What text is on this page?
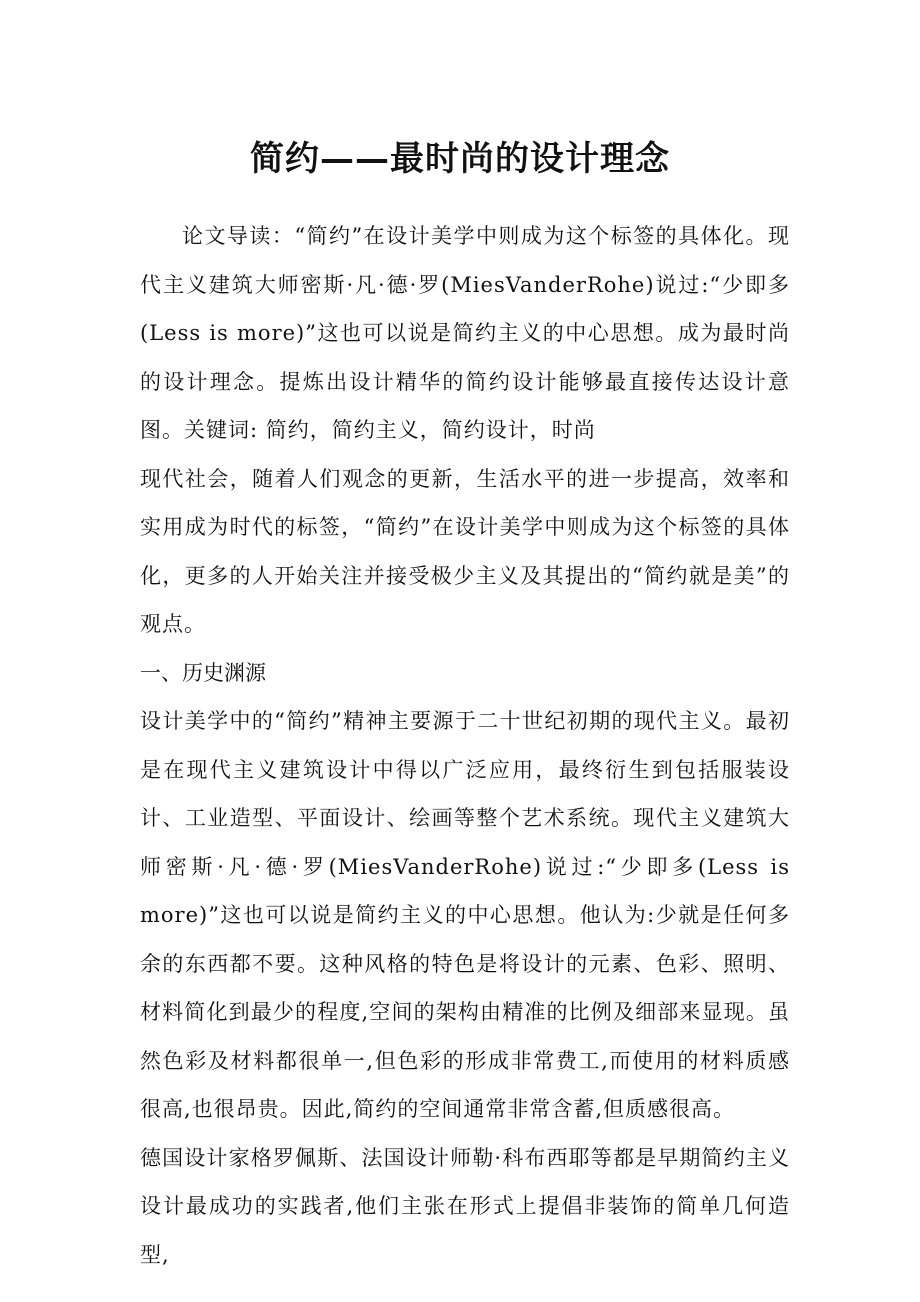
简约——最时尚的设计理念

论文导读：“简约”在设计美学中则成为这个标签的具体化。现代主义建筑大师密斯·凡·德·罗(MiesVanderRohe)说过:“少即多(Less is more)”这也可以说是简约主义的中心思想。成为最时尚的设计理念。提炼出设计精华的简约设计能够最直接传达设计意图。关键词: 简约，简约主义，简约设计，时尚

现代社会，随着人们观念的更新，生活水平的进一步提高，效率和实用成为时代的标签，“简约”在设计美学中则成为这个标签的具体化，更多的人开始关注并接受极少主义及其提出的“简约就是美”的观点。

一、历史渊源

设计美学中的“简约”精神主要源于二十世纪初期的现代主义。最初是在现代主义建筑设计中得以广泛应用，最终衍生到包括服装设计、工业造型、平面设计、绘画等整个艺术系统。现代主义建筑大师密斯·凡·德·罗(MiesVanderRohe)说过:“少即多(Less is more)”这也可以说是简约主义的中心思想。他认为:少就是任何多余的东西都不要。这种风格的特色是将设计的元素、色彩、照明、材料简化到最少的程度,空间的架构由精准的比例及细部来显现。虽然色彩及材料都很单一,但色彩的形成非常费工,而使用的材料质感很高,也很昂贵。因此,简约的空间通常非常含蓄,但质感很高。

德国设计家格罗佩斯、法国设计师勒·科布西耶等都是早期简约主义设计最成功的实践者,他们主张在形式上提倡非装饰的简单几何造型,
